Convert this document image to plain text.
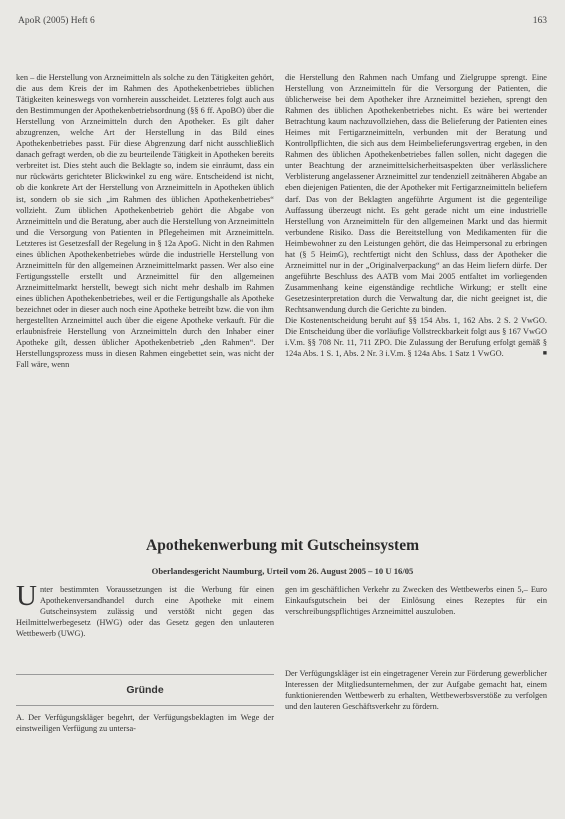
ApoR (2005) Heft 6	163

ken – die Herstellung von Arzneimitteln als solche zu den Tätigkeiten gehört, die aus dem Kreis der im Rahmen des Apothekenbetriebes üblichen Tätigkeiten keineswegs von vornherein ausscheidet. Letzteres folgt auch aus den Bestimmungen der Apothekenbetriebsordnung (§§ 6 ff. ApoBO) über die Herstellung von Arzneimitteln durch den Apotheker. Es gilt daher abzugrenzen, welche Art der Herstellung in das Bild eines Apothekenbetriebes passt. Für diese Abgrenzung darf nicht ausschließlich danach gefragt werden, ob die zu beurteilende Tätigkeit in Apotheken bereits verbreitet ist. Dies steht auch die Beklagte so, indem sie einräumt, dass ein nur rückwärts gerichteter Blickwinkel zu eng wäre. Entscheidend ist nicht, ob die konkrete Art der Herstellung von Arzneimitteln in Apotheken üblich ist, sondern ob sie sich „im Rahmen des üblichen Apothekenbetriebes“ vollzieht. Zum üblichen Apothekenbetrieb gehört die Abgabe von Arzneimitteln und die Beratung, aber auch die Herstellung von Arzneimitteln und die Versorgung von Patienten in Pflegeheimen mit Arzneimitteln. Letzteres ist Gesetzesfall der Regelung in § 12a ApoG. Nicht in den Rahmen eines üblichen Apothekenbetriebes würde die industrielle Herstellung von Arzneimitteln für den allgemeinen Arzneimittelmarkt passen. Wer also eine Fertigungsstelle erstellt und Arzneimittel für den allgemeinen Arzneimittelmarkt herstellt, bewegt sich nicht mehr deshalb im Rahmen eines üblichen Apothekenbetriebes, weil er die Fertigungshalle als Apotheke bezeichnet oder in dieser auch noch eine Apotheke betreibt bzw. die von ihm hergestellten Arzneimittel auch über die eigene Apotheke verkauft. Für die erlaubnisfreie Herstellung von Arzneimitteln durch den Inhaber einer Apotheke gilt, dessen üblicher Apothekenbetrieb „den Rahmen“. Der Herstellungsprozess muss in diesen Rahmen eingebettet sein, was nicht der Fall wäre, wenn

die Herstellung den Rahmen nach Umfang und Zielgruppe sprengt. Eine Herstellung von Arzneimitteln für die Versorgung der Patienten, die üblicherweise bei dem Apotheker ihre Arzneimittel beziehen, sprengt den Rahmen des üblichen Apothekenbetriebes nicht. Es wäre bei wertender Betrachtung kaum nachzuvollziehen, dass die Belieferung der Patienten eines Heimes mit Fertigarzneimitteln, verbunden mit der Beratung und Kontrollpflichten, die sich aus dem Heimbelieferungsvertrag ergeben, in den Rahmen des üblichen Apothekenbetriebes fallen sollen, nicht dagegen die unter Beachtung der arzneimittelsicherheitsaspekten über verlässlichere Verblisterung angelassener Arzneimittel zur tendenziell zeitnäheren Abgabe an eben diejenigen Patienten, die der Apotheker mit Fertigarzneimitteln beliefern darf. Das von der Beklagten angeführte Argument ist die gegenteilige Auffassung überzeugt nicht. Es geht gerade nicht um eine industrielle Herstellung von Arzneimitteln für den allgemeinen Markt und das hiermit verbundene Risiko. Dass die Bereitstellung von Medikamenten für die Heimbewohner zu den Leistungen gehört, die das Heimpersonal zu erbringen hat (§ 5 HeimG), rechtfertigt nicht den Schluss, dass der Apotheker die Arzneimittel nur in der „Originalverpackung“ an das Heim liefern dürfe. Der angeführte Beschluss des AATB vom Mai 2005 entfaltet im vorliegenden Zusammenhang keine eigenständige rechtliche Wirkung; er stellt eine Gesetzesinterpretation durch die Verwaltung dar, die nicht geeignet ist, die Rechtsanwendung durch die Gerichte zu binden.

Die Kostenentscheidung beruht auf §§ 154 Abs. 1, 162 Abs. 2 S. 2 VwGO. Die Entscheidung über die vorläufige Vollstreckbarkeit folgt aus § 167 VwGO i.V.m. §§ 708 Nr. 11, 711 ZPO. Die Zulassung der Berufung erfolgt gemäß § 124a Abs. 1 S. 1, Abs. 2 Nr. 3 i.V.m. § 124a Abs. 1 Satz 1 VwGO.	■

Apothekenwerbung mit Gutscheinsystem
Oberlandesgericht Naumburg, Urteil vom 26. August 2005 – 10 U 16/05

Unter bestimmten Voraussetzungen ist die Werbung für einen Apothekenversandhandel durch eine Apotheke mit einem Gutscheinsystem zulässig und verstößt nicht gegen das Heilmittelwerbegesetz (HWG) oder das Gesetz gegen den unlauteren Wettbewerb (UWG).

gen im geschäftlichen Verkehr zu Zwecken des Wettbewerbs einen 5,– Euro Einkaufsgutschein bei der Einlösung eines Rezeptes für ein verschreibungspflichtiges Arzneimittel auszuloben.

Gründe

A. Der Verfügungskläger begehrt, der Verfügungsbeklagten im Wege der einstweiligen Verfügung zu untersa-

Der Verfügungskläger ist ein eingetragener Verein zur Förderung gewerblicher Interessen der Mitgliedsunternehmen, der zur Aufgabe gemacht hat, einem funktionierenden Wettbewerb zu erhalten, Wettbewerbsverstöße zu verfolgen und den lauteren Geschäftsverkehr zu fördern.
